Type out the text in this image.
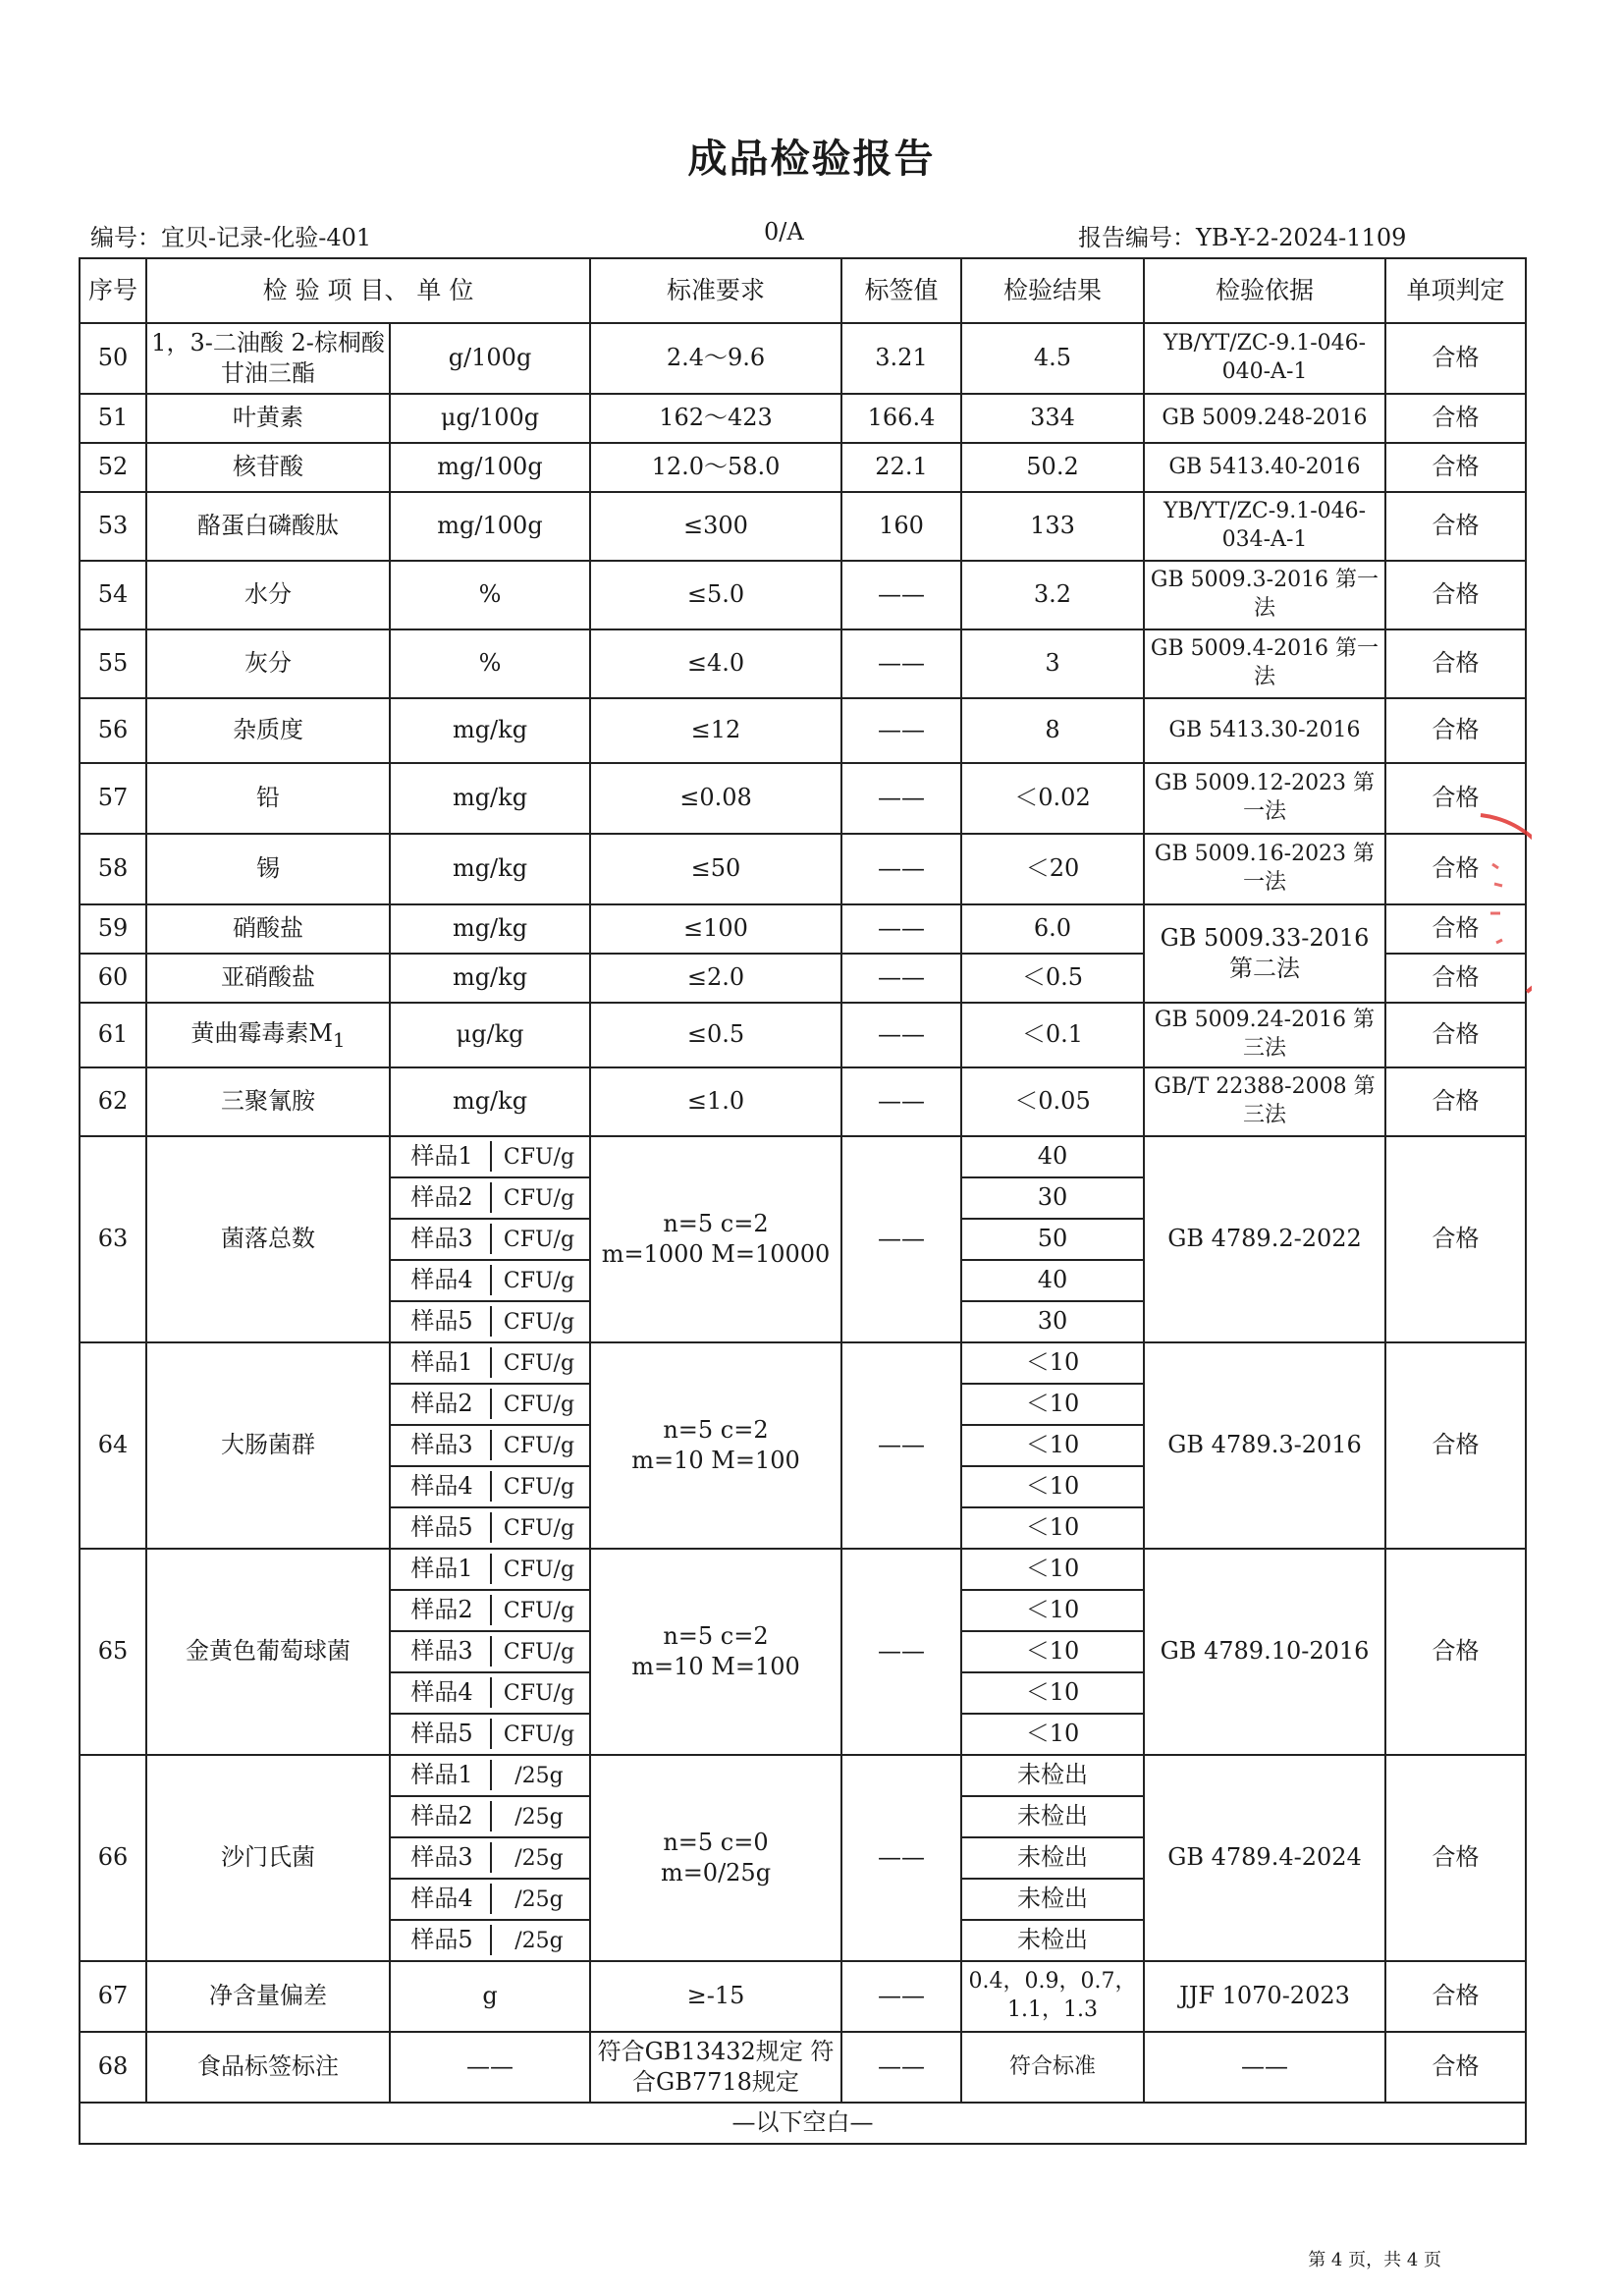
成品检验报告
编号：宜贝-记录-化验-401	0/A	报告编号：YB-Y-2-2024-1109
序号	检 验 项 目、 单 位		标准要求	标签值	检验结果	检验依据	单项判定
50	1，3-二油酸 2-棕桐酸甘油三酯	g/100g	2.4～9.6	3.21	4.5	YB/YT/ZC-9.1-046-040-A-1	合格
51	叶黄素	μg/100g	162～423	166.4	334	GB 5009.248-2016	合格
52	核苷酸	mg/100g	12.0～58.0	22.1	50.2	GB 5413.40-2016	合格
53	酪蛋白磷酸肽	mg/100g	≤300	160	133	YB/YT/ZC-9.1-046-034-A-1	合格
54	水分	%	≤5.0	——	3.2	GB 5009.3-2016 第一法	合格
55	灰分	%	≤4.0	——	3	GB 5009.4-2016 第一法	合格
56	杂质度	mg/kg	≤12	——	8	GB 5413.30-2016	合格
57	铅	mg/kg	≤0.08	——	＜0.02	GB 5009.12-2023 第一法	合格
58	锡	mg/kg	≤50	——	＜20	GB 5009.16-2023 第一法	合格
59	硝酸盐	mg/kg	≤100	——	6.0	GB 5009.33-2016 第二法	合格
60	亚硝酸盐	mg/kg	≤2.0	——	＜0.5		合格
61	黄曲霉毒素$M_1$	μg/kg	≤0.5	——	＜0.1	GB 5009.24-2016 第三法	合格
62	三聚氰胺	mg/kg	≤1.0	——	＜0.05	GB/T 22388-2008 第三法	合格
63	菌落总数	样品1 CFU/g	n=5 c=2
m=1000 M=10000	——	40	GB 4789.2-2022	合格
		样品2 CFU/g			30		
		样品3 CFU/g			50		
		样品4 CFU/g			40		
		样品5 CFU/g			30		
64	大肠菌群	样品1 CFU/g	n=5 c=2
m=10 M=100	——	＜10	GB 4789.3-2016	合格
		样品2 CFU/g			＜10		
		样品3 CFU/g			＜10		
		样品4 CFU/g			＜10		
		样品5 CFU/g			＜10		
65	金黄色葡萄球菌	样品1 CFU/g	n=5 c=2
m=10 M=100	——	＜10	GB 4789.10-2016	合格
		样品2 CFU/g			＜10		
		样品3 CFU/g			＜10		
		样品4 CFU/g			＜10		
		样品5 CFU/g			＜10		
66	沙门氏菌	样品1 /25g	n=5 c=0
m=0/25g	——	未检出	GB 4789.4-2024	合格
		样品2 /25g			未检出		
		样品3 /25g			未检出		
		样品4 /25g			未检出		
		样品5 /25g			未检出		
67	净含量偏差	g	≥-15	——	0.4，0.9，0.7，1.1，1.3	JJF 1070-2023	合格
68	食品标签标注	——	符合GB13432规定 符合GB7718规定	——	符合标准	——	合格
—以下空白—							
第 4 页，共 4 页
